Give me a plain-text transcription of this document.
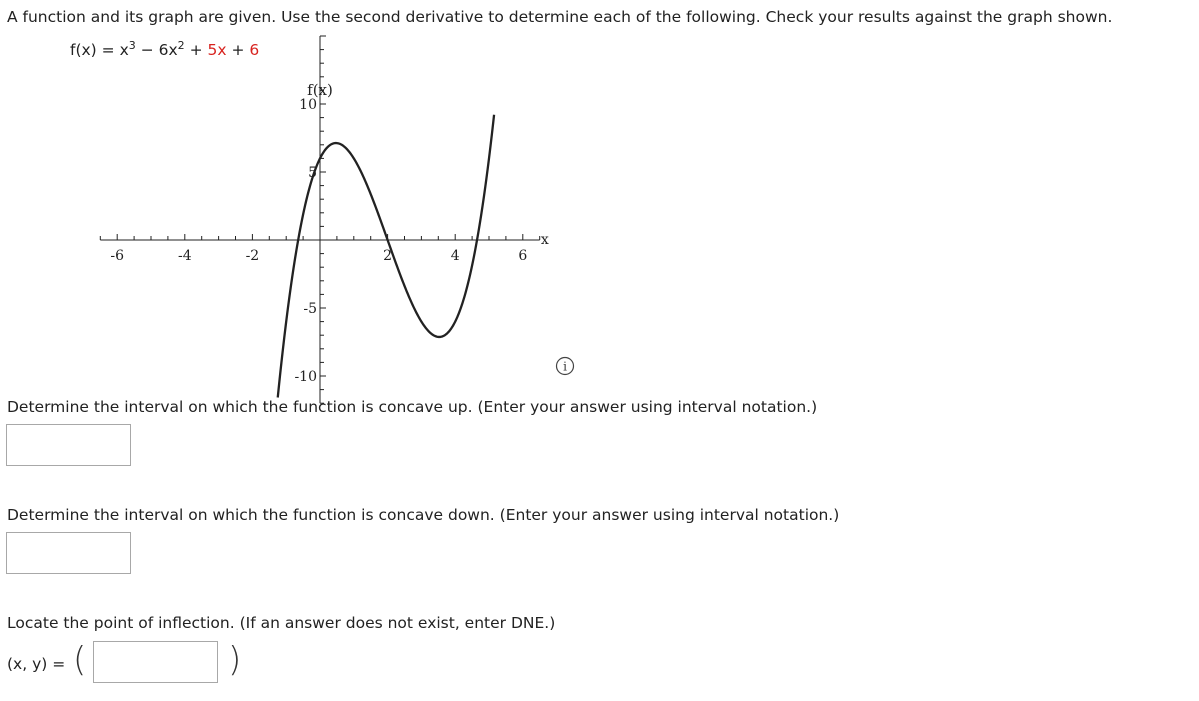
A function and its graph are given. Use the second derivative to determine each of the following. Check your results against the graph shown.
$f(x) = x^3 - 6x^2 + 5x + 6$
-6	-4	-2	2	4	6
10
5
-5
-10
f(x)
x
i
Determine the interval on which the function is concave up. (Enter your answer using interval notation.)
Determine the interval on which the function is concave down. (Enter your answer using interval notation.)
Locate the point of inflection. (If an answer does not exist, enter DNE.)
(x, y) = (	)
